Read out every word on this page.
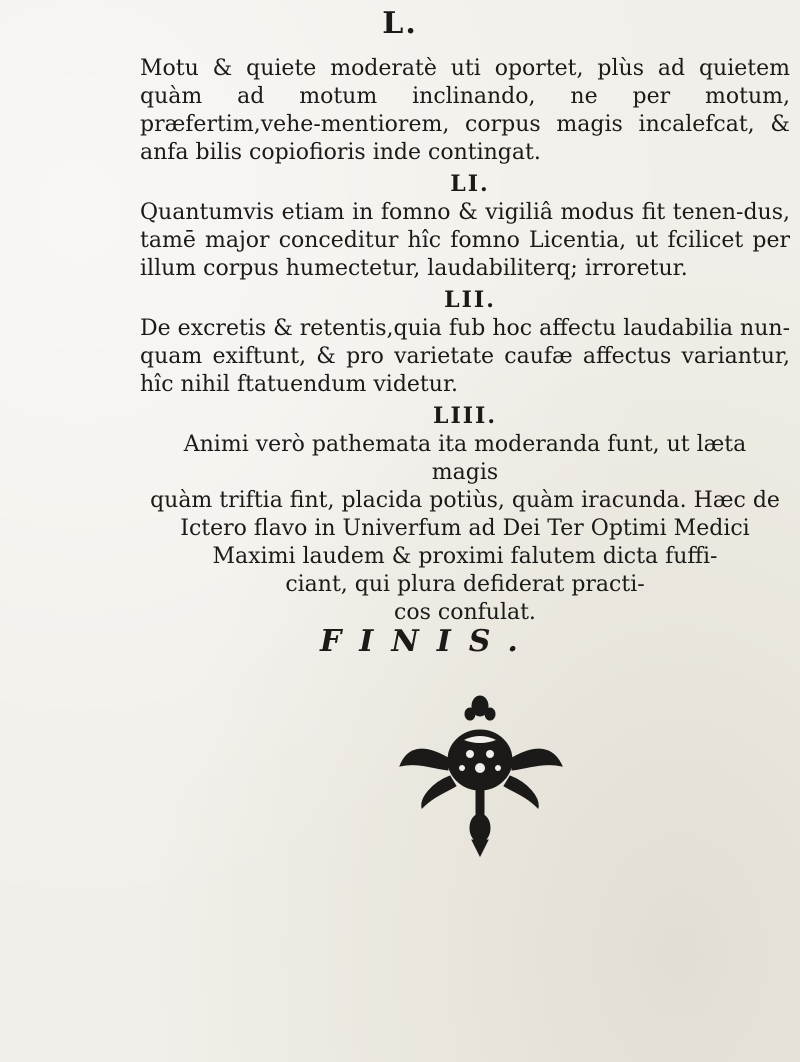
L.

Motu & quiete moderatè uti oportet, plùs ad quietem quàm ad motum inclinando, ne per motum, præfertim,vehe-mentiorem, corpus magis incalefcat, & anfa bilis copiofioris inde contingat.

LI.

Quantumvis etiam in fomno & vigiliâ modus fit tenen-dus, tamē major conceditur hîc fomno Licentia, ut fcilicet per illum corpus humectetur, laudabiliterq; irroretur.

LII.

De excretis & retentis,quia fub hoc affectu laudabilia nun-quam exiftunt, & pro varietate caufæ affectus variantur, hîc nihil ftatuendum videtur.

LIII.

Animi verò pathemata ita moderanda funt, ut læta magis
quàm triftia fint, placida potiùs, quàm iracunda. Hæc de
Ictero flavo in Univerfum ad Dei Ter Optimi Medici
Maximi laudem & proximi falutem dicta fuffi-
ciant, qui plura defiderat practi-
cos confulat.

FINIS.
